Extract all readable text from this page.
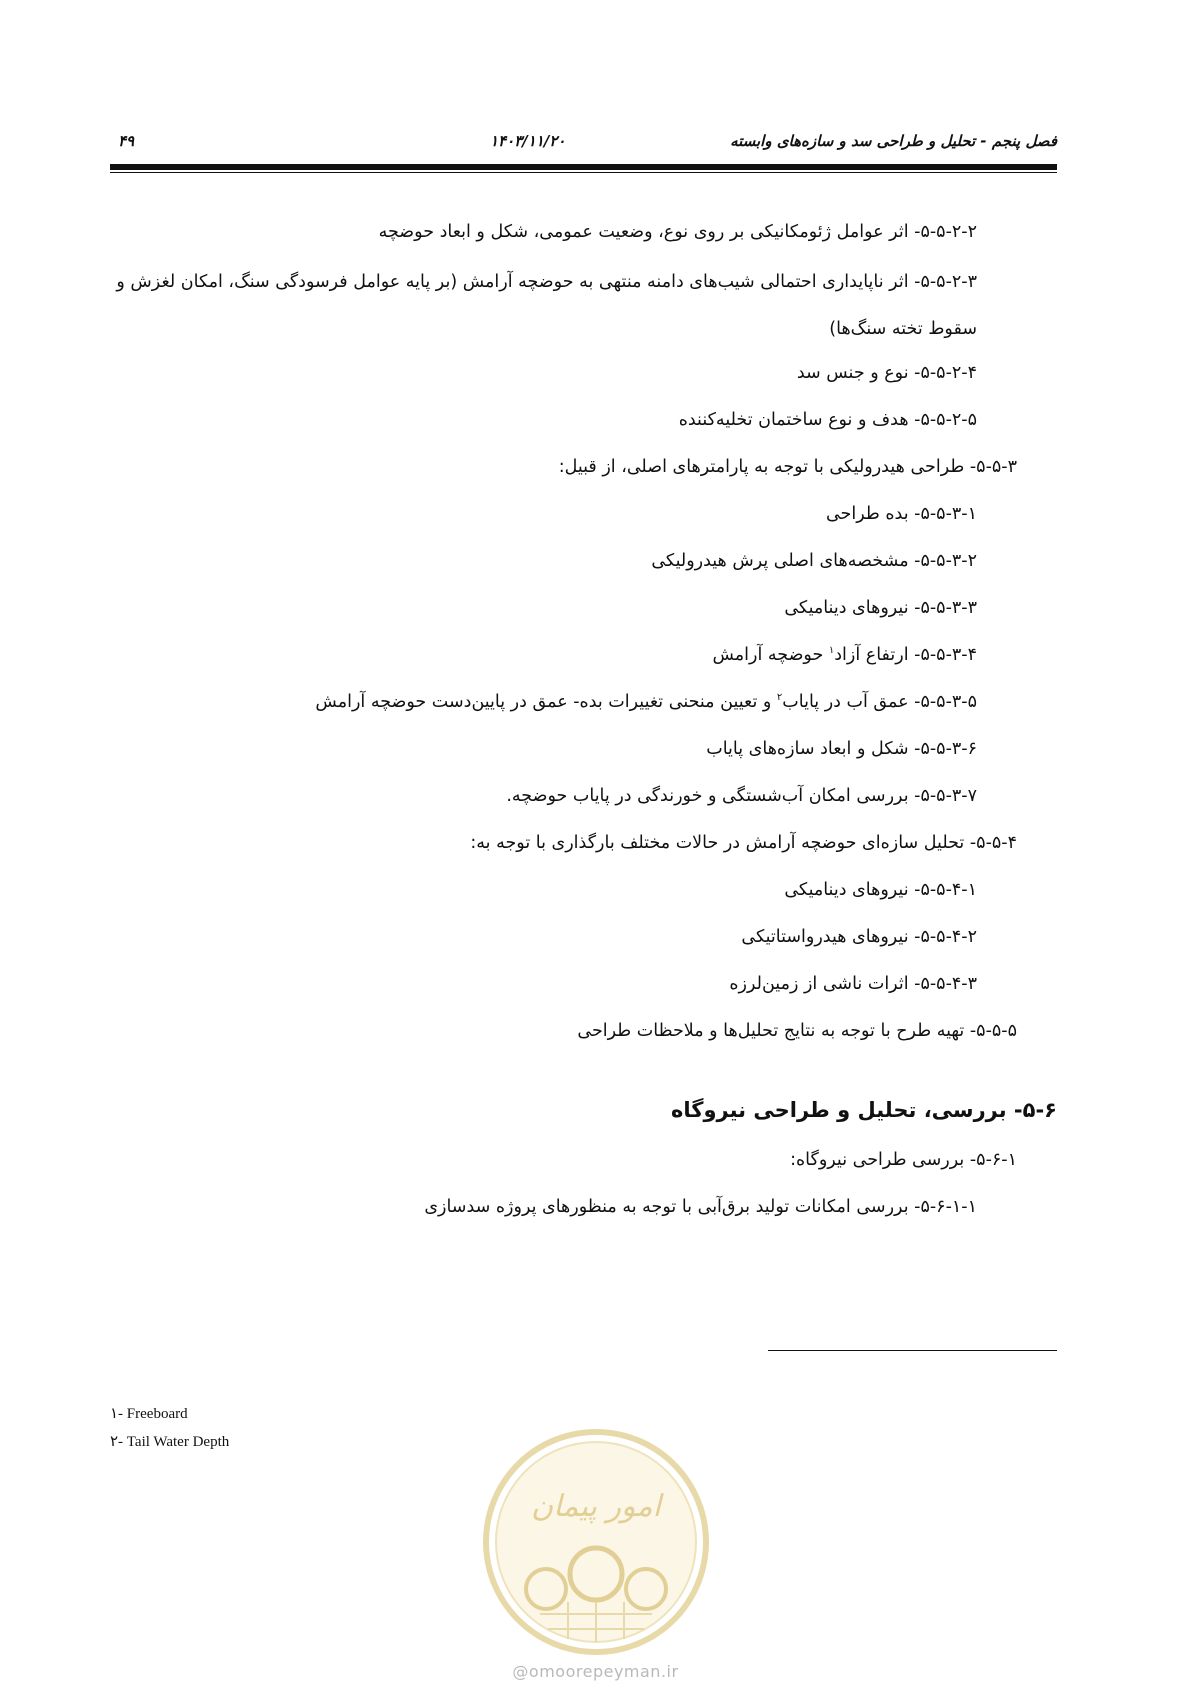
فصل پنجم - تحلیل و طراحی سد و سازه‌های وابسته
۱۴۰۳/۱۱/۲۰
۴۹
۵-۵-۲-۲- اثر عوامل ژئومکانیکی بر روی نوع، وضعیت عمومی، شکل و ابعاد حوضچه
۵-۵-۲-۳- اثر ناپایداری احتمالی شیب‌های دامنه منتهی به حوضچه آرامش (بر پایه عوامل فرسودگی سنگ، امکان لغزش و سقوط تخته سنگ‌ها)
۵-۵-۲-۴- نوع و جنس سد
۵-۵-۲-۵- هدف و نوع ساختمان تخلیه‌کننده
۵-۵-۳- طراحی هیدرولیکی با توجه به پارامترهای اصلی، از قبیل:
۵-۵-۳-۱- بده طراحی
۵-۵-۳-۲- مشخصه‌های اصلی پرش هیدرولیکی
۵-۵-۳-۳- نیروهای دینامیکی
۵-۵-۳-۴- ارتفاع آزاد$^۱$ حوضچه آرامش
۵-۵-۳-۵- عمق آب در پایاب$^۲$ و تعیین منحنی تغییرات بده- عمق در پایین‌دست حوضچه آرامش
۵-۵-۳-۶- شکل و ابعاد سازه‌های پایاب
۵-۵-۳-۷- بررسی امکان آب‌شستگی و خورندگی در پایاب حوضچه.
۵-۵-۴- تحلیل سازه‌ای حوضچه آرامش در حالات مختلف بارگذاری با توجه به:
۵-۵-۴-۱- نیروهای دینامیکی
۵-۵-۴-۲- نیروهای هیدرواستاتیکی
۵-۵-۴-۳- اثرات ناشی از زمین‌لرزه
۵-۵-۵- تهیه طرح با توجه به نتایج تحلیل‌ها و ملاحظات طراحی
۵-۶- بررسی، تحلیل و طراحی نیروگاه
۵-۶-۱- بررسی طراحی نیروگاه:
۵-۶-۱-۱- بررسی امکانات تولید برق‌آبی با توجه به منظورهای پروژه سدسازی
۱- Freeboard
۲- Tail Water Depth
امور پیمان
@omoorepeyman.ir
